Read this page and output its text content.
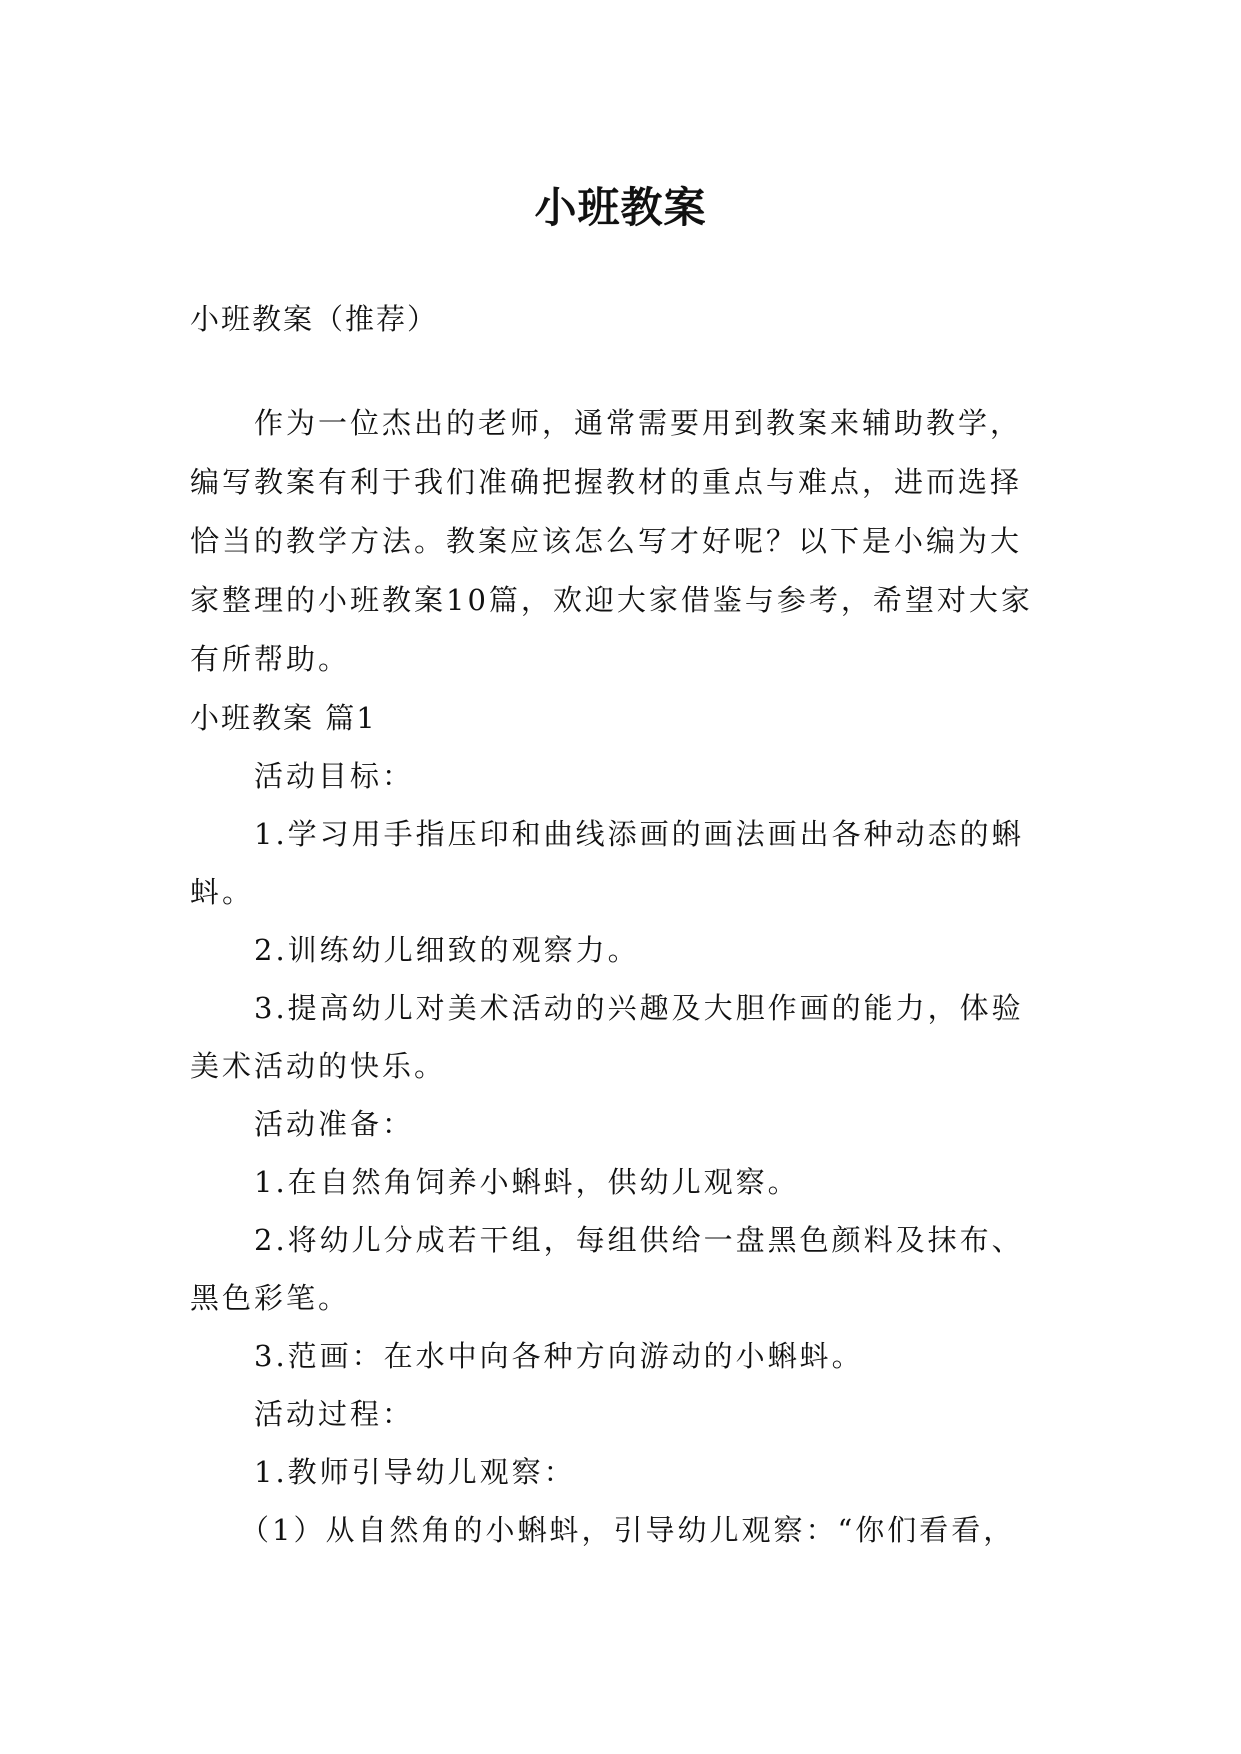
小班教案

小班教案（推荐）

作为一位杰出的老师，通常需要用到教案来辅助教学，编写教案有利于我们准确把握教材的重点与难点，进而选择恰当的教学方法。教案应该怎么写才好呢？以下是小编为大家整理的小班教案10篇，欢迎大家借鉴与参考，希望对大家有所帮助。

小班教案 篇1

活动目标：

1.学习用手指压印和曲线添画的画法画出各种动态的蝌蚪。

2.训练幼儿细致的观察力。

3.提高幼儿对美术活动的兴趣及大胆作画的能力，体验美术活动的快乐。

活动准备：

1.在自然角饲养小蝌蚪，供幼儿观察。

2.将幼儿分成若干组，每组供给一盘黑色颜料及抹布、黑色彩笔。

3.范画：在水中向各种方向游动的小蝌蚪。

活动过程：

1.教师引导幼儿观察：

（1）从自然角的小蝌蚪，引导幼儿观察：“你们看看，
